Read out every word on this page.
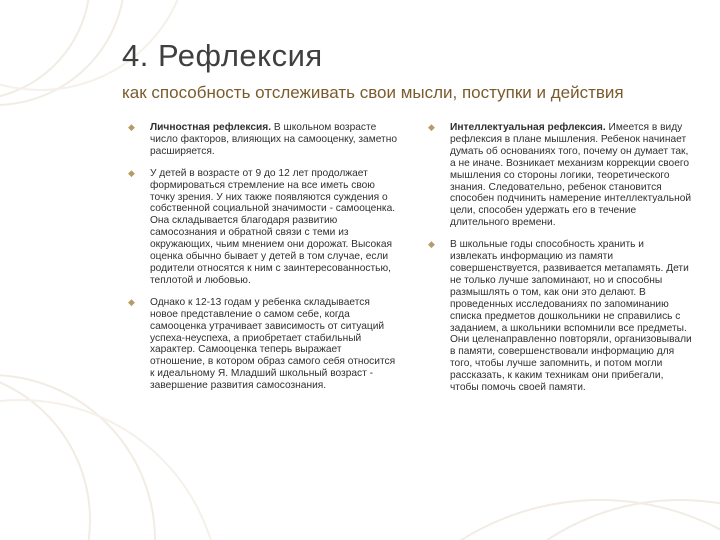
4. Рефлексия
как способность отслеживать свои мысли, поступки и действия
◆ Личностная рефлексия. В школьном возрасте число факторов, влияющих на самооценку, заметно расширяется.
◆ У детей в возрасте от 9 до 12 лет продолжает формироваться стремление на все иметь свою точку зрения. У них также появляются суждения о собственной социальной значимости - самооценка. Она складывается благодаря развитию самосознания и обратной связи с теми из окружающих, чьим мнением они дорожат. Высокая оценка обычно бывает у детей в том случае, если родители относятся к ним с заинтересованностью, теплотой и любовью.
◆ Однако к 12-13 годам у ребенка складывается новое представление о самом себе, когда самооценка утрачивает зависимость от ситуаций успеха-неуспеха, а приобретает стабильный характер. Самооценка теперь выражает отношение, в котором образ самого себя относится к идеальному Я. Младший школьный возраст - завершение развития самосознания.
◆ Интеллектуальная рефлексия. Имеется в виду рефлексия в плане мышления. Ребенок начинает думать об основаниях того, почему он думает так, а не иначе. Возникает механизм коррекции своего мышления со стороны логики, теоретического знания. Следовательно, ребенок становится способен подчинить намерение интеллектуальной цели, способен удержать его в течение длительного времени.
◆ В школьные годы способность хранить и извлекать информацию из памяти совершенствуется, развивается метапамять. Дети не только лучше запоминают, но и способны размышлять о том, как они это делают. В проведенных исследованиях по запоминанию списка предметов дошкольники не справились с заданием, а школьники вспомнили все предметы. Они целенаправленно повторяли, организовывали в памяти, совершенствовали информацию для того, чтобы лучше запомнить, и потом могли рассказать, к каким техникам они прибегали, чтобы помочь своей памяти.
